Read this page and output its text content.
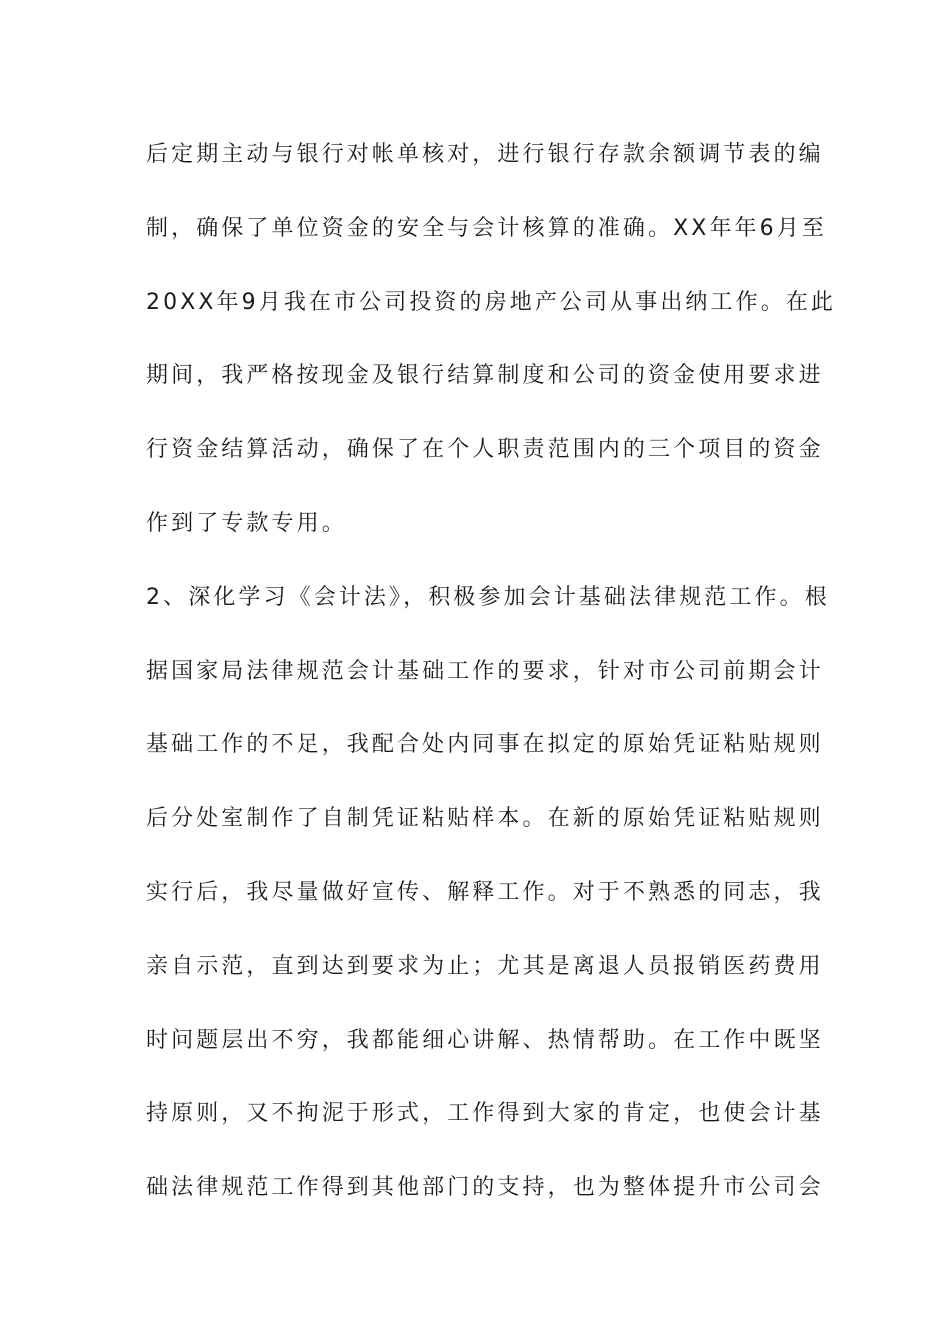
后定期主动与银行对帐单核对，进行银行存款余额调节表的编
制，确保了单位资金的安全与会计核算的准确。XX年年6月至
20XX年9月我在市公司投资的房地产公司从事出纳工作。在此
期间，我严格按现金及银行结算制度和公司的资金使用要求进
行资金结算活动，确保了在个人职责范围内的三个项目的资金
作到了专款专用。
2、深化学习《会计法》，积极参加会计基础法律规范工作。根
据国家局法律规范会计基础工作的要求，针对市公司前期会计
基础工作的不足，我配合处内同事在拟定的原始凭证粘贴规则
后分处室制作了自制凭证粘贴样本。在新的原始凭证粘贴规则
实行后，我尽量做好宣传、解释工作。对于不熟悉的同志，我
亲自示范，直到达到要求为止；尤其是离退人员报销医药费用
时问题层出不穷，我都能细心讲解、热情帮助。在工作中既坚
持原则，又不拘泥于形式，工作得到大家的肯定，也使会计基
础法律规范工作得到其他部门的支持，也为整体提升市公司会
